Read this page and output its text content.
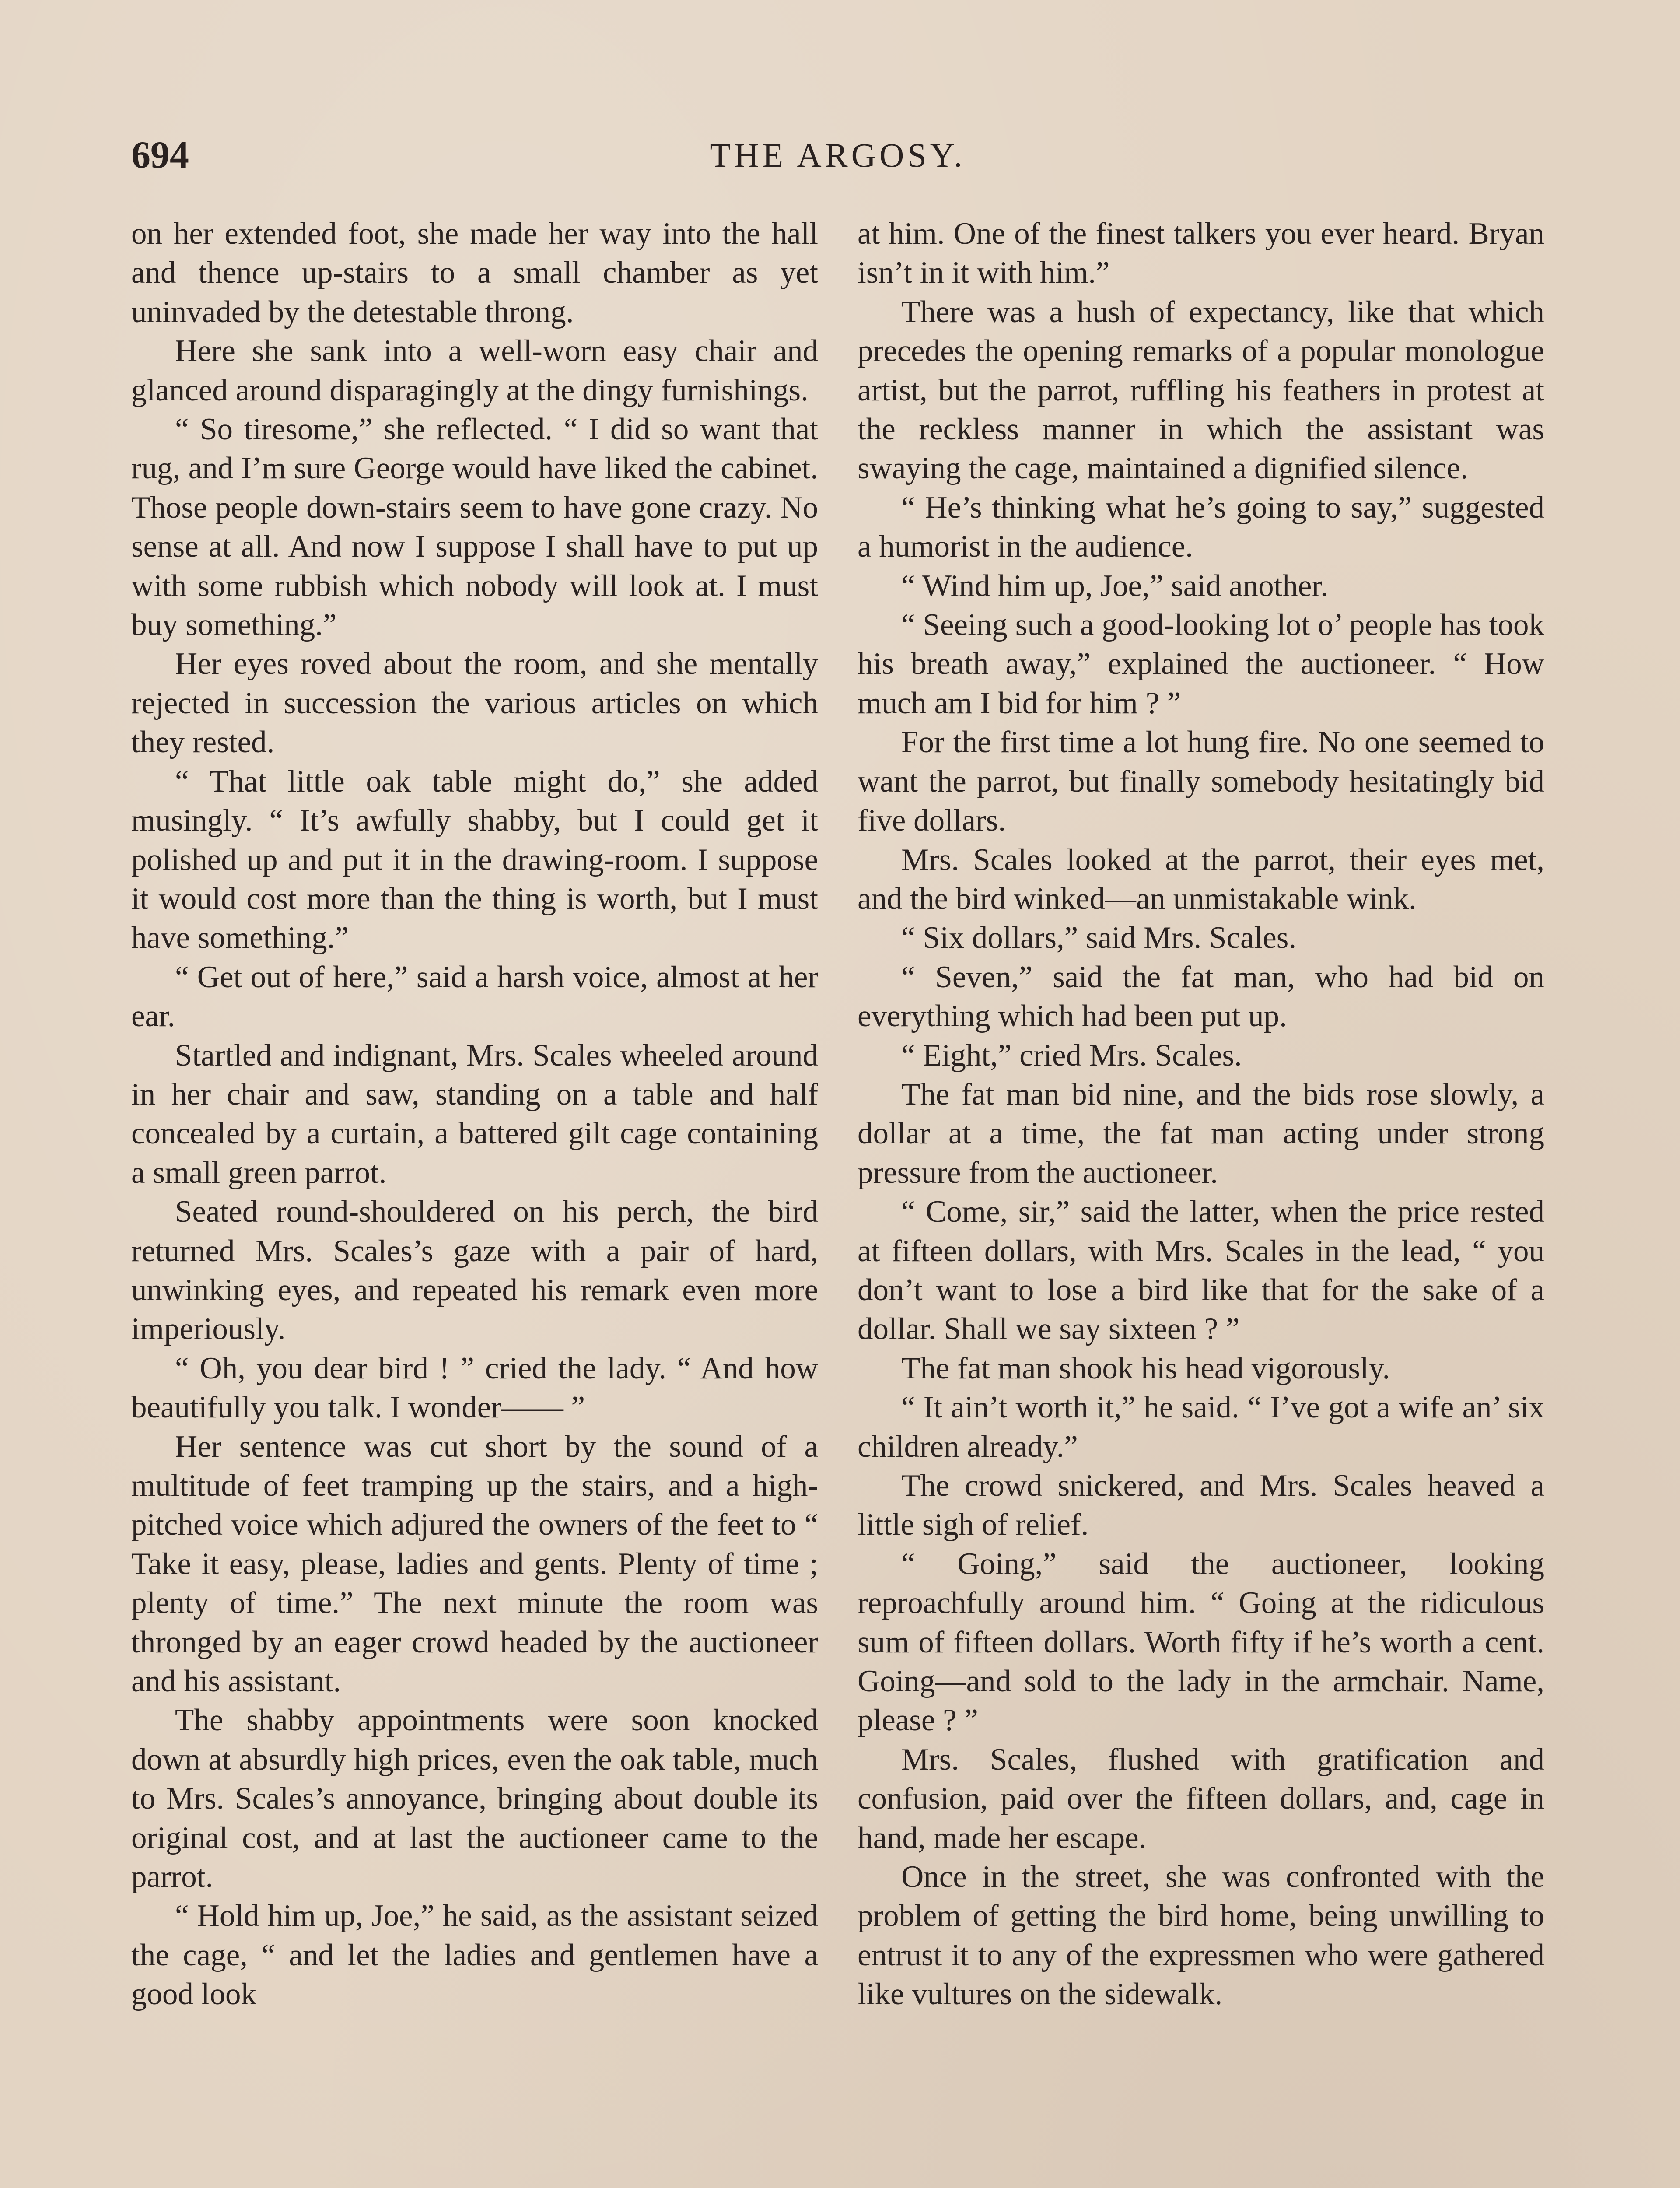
694	THE ARGOSY.

on her extended foot, she made her way into the hall and thence up-stairs to a small chamber as yet uninvaded by the detestable throng.

Here she sank into a well-worn easy chair and glanced around disparagingly at the dingy furnishings.

“ So tiresome,” she reflected. “ I did so want that rug, and I’m sure George would have liked the cabinet. Those people down-stairs seem to have gone crazy. No sense at all. And now I suppose I shall have to put up with some rubbish which nobody will look at. I must buy something.”

Her eyes roved about the room, and she mentally rejected in succession the various articles on which they rested.

“ That little oak table might do,” she added musingly. “ It’s awfully shabby, but I could get it polished up and put it in the drawing-room. I suppose it would cost more than the thing is worth, but I must have something.”

“ Get out of here,” said a harsh voice, almost at her ear.

Startled and indignant, Mrs. Scales wheeled around in her chair and saw, standing on a table and half concealed by a curtain, a battered gilt cage containing a small green parrot.

Seated round-shouldered on his perch, the bird returned Mrs. Scales’s gaze with a pair of hard, unwinking eyes, and repeated his remark even more imperiously.

“ Oh, you dear bird ! ” cried the lady. “ And how beautifully you talk. I wonder—— ”

Her sentence was cut short by the sound of a multitude of feet tramping up the stairs, and a high-pitched voice which adjured the owners of the feet to “ Take it easy, please, ladies and gents. Plenty of time ; plenty of time.” The next minute the room was thronged by an eager crowd headed by the auctioneer and his assistant.

The shabby appointments were soon knocked down at absurdly high prices, even the oak table, much to Mrs. Scales’s annoyance, bringing about double its original cost, and at last the auctioneer came to the parrot.

“ Hold him up, Joe,” he said, as the assistant seized the cage, “ and let the ladies and gentlemen have a good look

at him. One of the finest talkers you ever heard. Bryan isn’t in it with him.”

There was a hush of expectancy, like that which precedes the opening remarks of a popular monologue artist, but the parrot, ruffling his feathers in protest at the reckless manner in which the assistant was swaying the cage, maintained a dignified silence.

“ He’s thinking what he’s going to say,” suggested a humorist in the audience.

“ Wind him up, Joe,” said another.

“ Seeing such a good-looking lot o’ people has took his breath away,” explained the auctioneer. “ How much am I bid for him ? ”

For the first time a lot hung fire. No one seemed to want the parrot, but finally somebody hesitatingly bid five dollars.

Mrs. Scales looked at the parrot, their eyes met, and the bird winked—an unmistakable wink.

“ Six dollars,” said Mrs. Scales.

“ Seven,” said the fat man, who had bid on everything which had been put up.

“ Eight,” cried Mrs. Scales.

The fat man bid nine, and the bids rose slowly, a dollar at a time, the fat man acting under strong pressure from the auctioneer.

“ Come, sir,” said the latter, when the price rested at fifteen dollars, with Mrs. Scales in the lead, “ you don’t want to lose a bird like that for the sake of a dollar. Shall we say sixteen ? ”

The fat man shook his head vigorously.

“ It ain’t worth it,” he said. “ I’ve got a wife an’ six children already.”

The crowd snickered, and Mrs. Scales heaved a little sigh of relief.

“ Going,” said the auctioneer, looking reproachfully around him. “ Going at the ridiculous sum of fifteen dollars. Worth fifty if he’s worth a cent. Going—and sold to the lady in the armchair. Name, please ? ”

Mrs. Scales, flushed with gratification and confusion, paid over the fifteen dollars, and, cage in hand, made her escape.

Once in the street, she was confronted with the problem of getting the bird home, being unwilling to entrust it to any of the expressmen who were gathered like vultures on the sidewalk.
